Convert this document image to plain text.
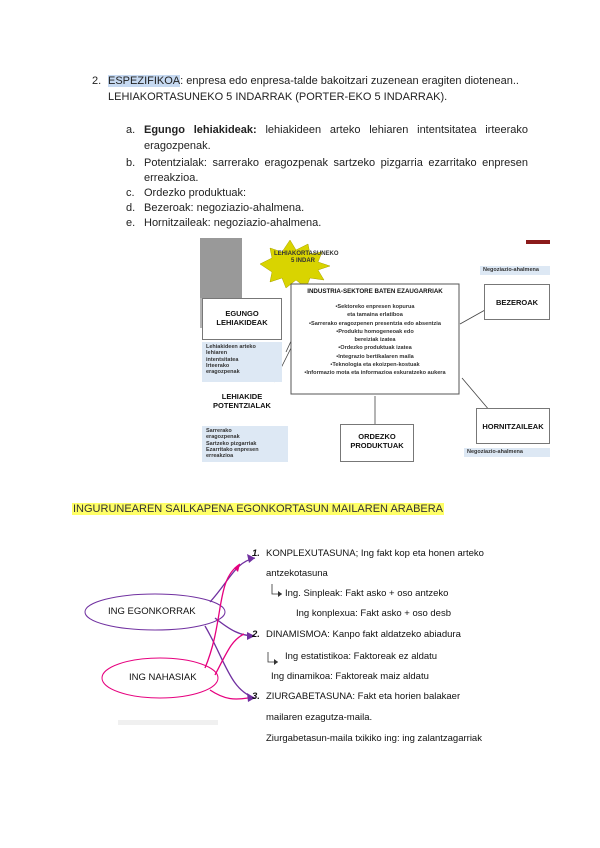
2. ESPEZIFIKOA: enpresa edo enpresa-talde bakoitzari zuzenean eragiten diotenean..
LEHIAKORTASUNEKO 5 INDARRAK (PORTER-EKO 5 INDARRAK).
a. Egungo lehiakideak: lehiakideen arteko lehiaren intentsitatea irteerako
eragozpenak.
b. Potentzialak: sarrerako eragozpenak sartzeko pizgarria ezarritako enpresen
erreakzioa.
c. Ordezko produktuak:
d. Bezeroak: negoziazio-ahalmena.
e. Hornitzaileak: negoziazio-ahalmena.
LEHIAKORTASUNEKO 5 INDAR
INDUSTRIA-SEKTORE BATEN EZAUGARRIAK
•Sektoreko enpresen kopurua
eta tamaina erlatiboa
•Sarrerako eragozpenen presentzia edo absentzia
•Produktu homogeneoak edo
bereiziak izatea
•Ordezko produktuak izatea
•Integrazio bertikalaren maila
•Teknologia eta ekoizpen-kostuak
•Informazio mota eta informazioa eskuratzeko aukera
EGUNGO LEHIAKIDEAK
Lehiakideen arteko
lehiaren
intentsitatea
Irteerako
eragozpenak
LEHIAKIDE POTENTZIALAK
Sarrerako
eragozpenak
Sartzeko pizgarriak
Ezarritako enpresen
erreakzioa
ORDEZKO PRODUKTUAK
Negoziazio-ahalmena
BEZEROAK
HORNITZAILEAK
Negoziazio-ahalmena
INGURUNEAREN SAILKAPENA EGONKORTASUN MAILAREN ARABERA
ING EGONKORRAK
ING NAHASIAK
1. KONPLEXUTASUNA; Ing fakt kop eta honen arteko
antzekotasuna
Ing. Sinpleak: Fakt asko + oso antzeko
Ing konplexua: Fakt asko + oso desb
2. DINAMISMOA: Kanpo fakt aldatzeko abiadura
Ing estatistikoa: Faktoreak ez aldatu
Ing dinamikoa: Faktoreak maiz aldatu
3. ZIURGABETASUNA: Fakt eta horien balakaer
mailaren ezagutza-maila.
Ziurgabetasun-maila txikiko ing: ing zalantzagarriak
